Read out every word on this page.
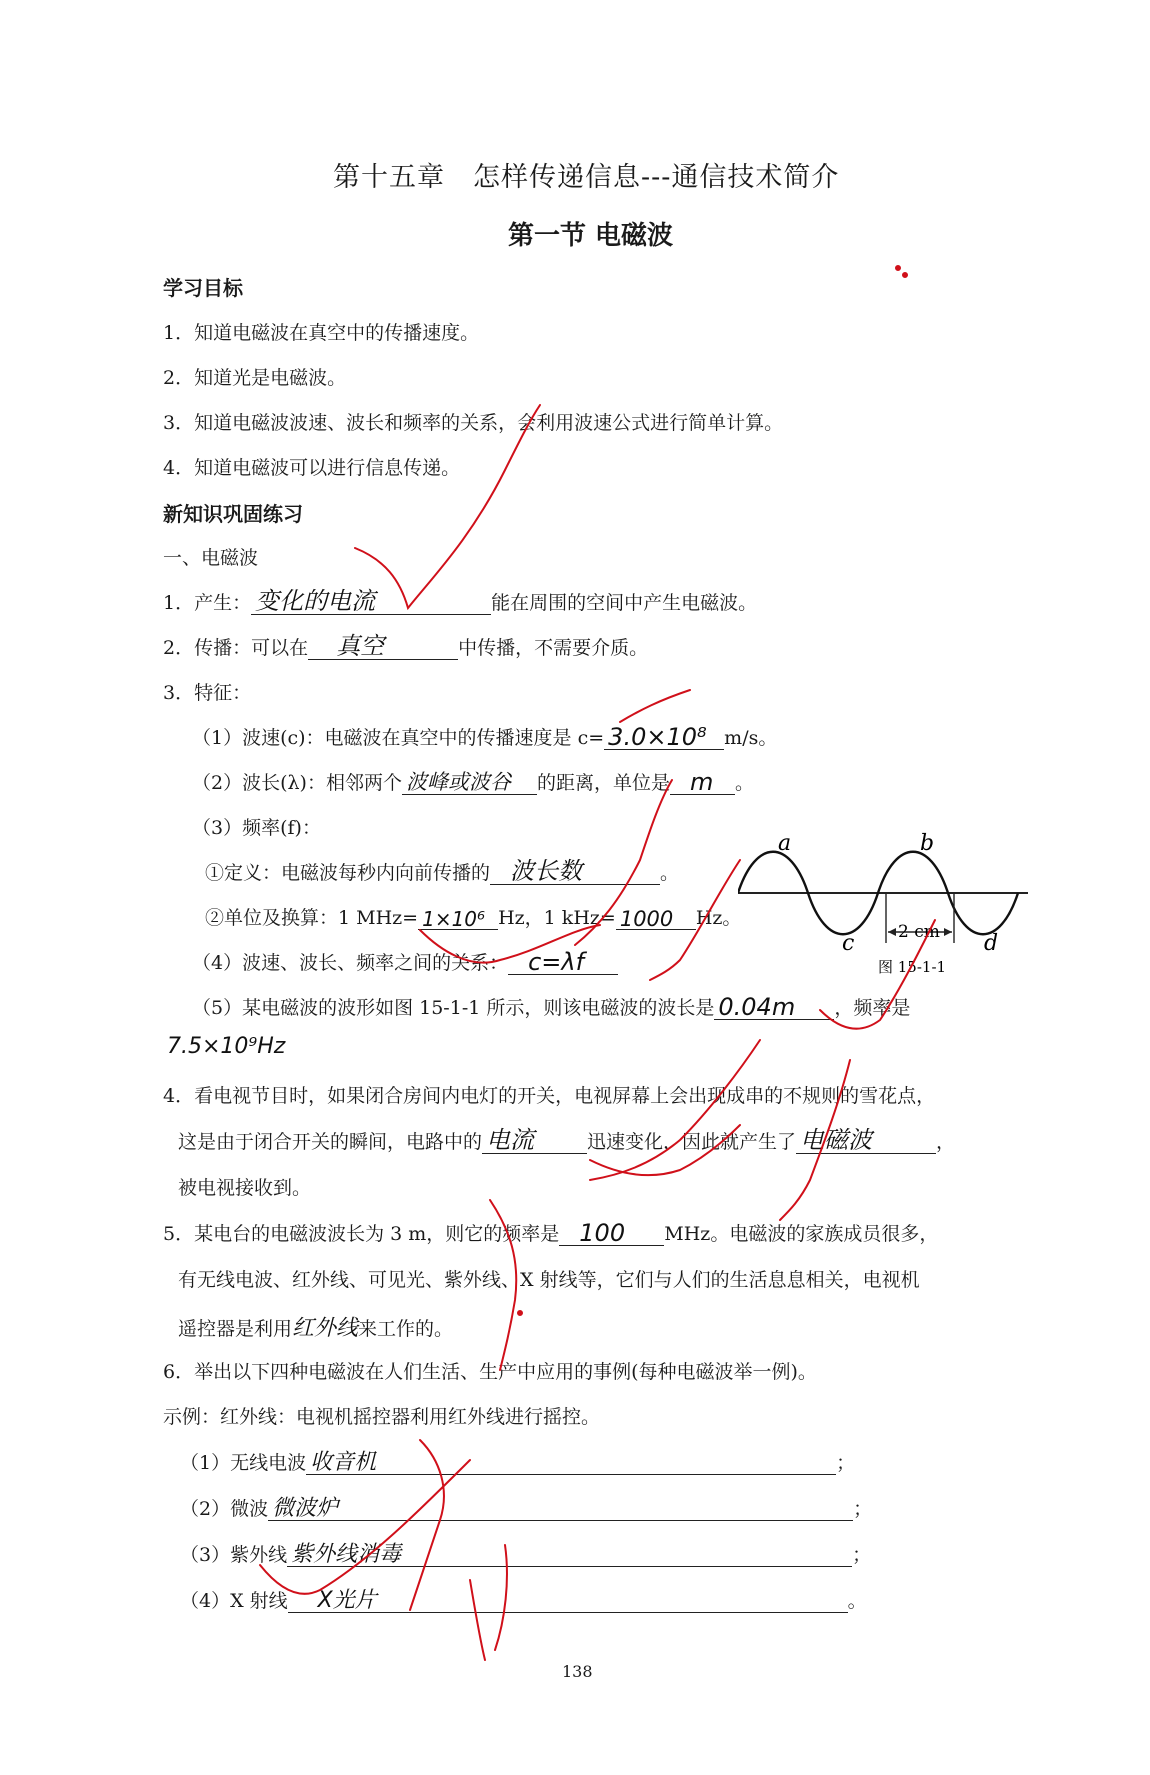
第十五章　怎样传递信息---通信技术简介
第一节 电磁波
学习目标
1．知道电磁波在真空中的传播速度。
2．知道光是电磁波。
3．知道电磁波波速、波长和频率的关系，会利用波速公式进行简单计算。
4．知道电磁波可以进行信息传递。
新知识巩固练习
一、电磁波
1．产生： 变化的电流	能在周围的空间中产生电磁波。
2．传播：可以在 真空	中传播，不需要介质。
3．特征：
（1）波速(c)：电磁波在真空中的传播速度是 c= 3.0×10⁸ m/s。
（2）波长(λ)：相邻两个 波峰或波谷 的距离，单位是 m 。
（3）频率(f)：
①定义：电磁波每秒内向前传播的 波长数	。
②单位及换算：1 MHz= 1×10⁶ Hz，1 kHz= 1000 Hz。
（4）波速、波长、频率之间的关系： c=λf
（5）某电磁波的波形如图 15-1-1 所示，则该电磁波的波长是 0.04m ，频率是
7.5×10⁹Hz
a	b
c	d
2 cm
图 15-1-1
4．看电视节目时，如果闭合房间内电灯的开关，电视屏幕上会出现成串的不规则的雪花点，
这是由于闭合开关的瞬间，电路中的 电流	迅速变化，因此就产生了 电磁波	，
被电视接收到。
5．某电台的电磁波波长为 3 m，则它的频率是 100 MHz。电磁波的家族成员很多，
有无线电波、红外线、可见光、紫外线、X 射线等，它们与人们的生活息息相关，电视机
遥控器是利用红外线来工作的。
6．举出以下四种电磁波在人们生活、生产中应用的事例(每种电磁波举一例)。
示例：红外线：电视机摇控器利用红外线进行摇控。
（1）无线电波 收音机	；
（2）微波 微波炉	；
（3）紫外线 紫外线消毒	；
（4）X 射线 X光片	。
138
